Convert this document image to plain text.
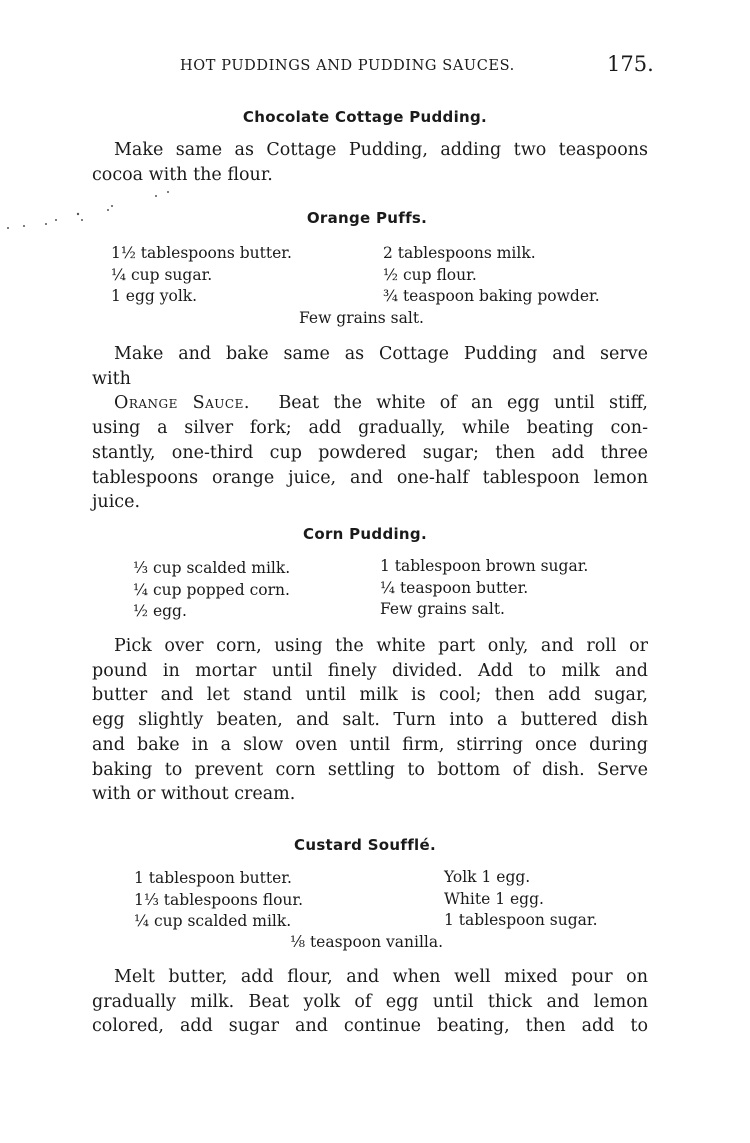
HOT PUDDINGS AND PUDDING SAUCES.	175.
Chocolate Cottage Pudding.
Make same as Cottage Pudding, adding two teaspoons
cocoa with the flour.
Orange Puffs.
1½ tablespoons butter.
¼ cup sugar.
1 egg yolk.
2 tablespoons milk.
½ cup flour.
¾ teaspoon baking powder.
Few grains salt.
Make and bake same as Cottage Pudding and serve
with
Orange Sauce. Beat the white of an egg until stiff,
using a silver fork; add gradually, while beating con-
stantly, one-third cup powdered sugar; then add three
tablespoons orange juice, and one-half tablespoon lemon
juice.
Corn Pudding.
⅓ cup scalded milk.
¼ cup popped corn.
½ egg.
1 tablespoon brown sugar.
¼ teaspoon butter.
Few grains salt.
Pick over corn, using the white part only, and roll or
pound in mortar until finely divided. Add to milk and
butter and let stand until milk is cool; then add sugar,
egg slightly beaten, and salt. Turn into a buttered dish
and bake in a slow oven until firm, stirring once during
baking to prevent corn settling to bottom of dish. Serve
with or without cream.
Custard Soufflé.
1 tablespoon butter.
1⅓ tablespoons flour.
¼ cup scalded milk.
Yolk 1 egg.
White 1 egg.
1 tablespoon sugar.
⅛ teaspoon vanilla.
Melt butter, add flour, and when well mixed pour on
gradually milk. Beat yolk of egg until thick and lemon
colored, add sugar and continue beating, then add to
